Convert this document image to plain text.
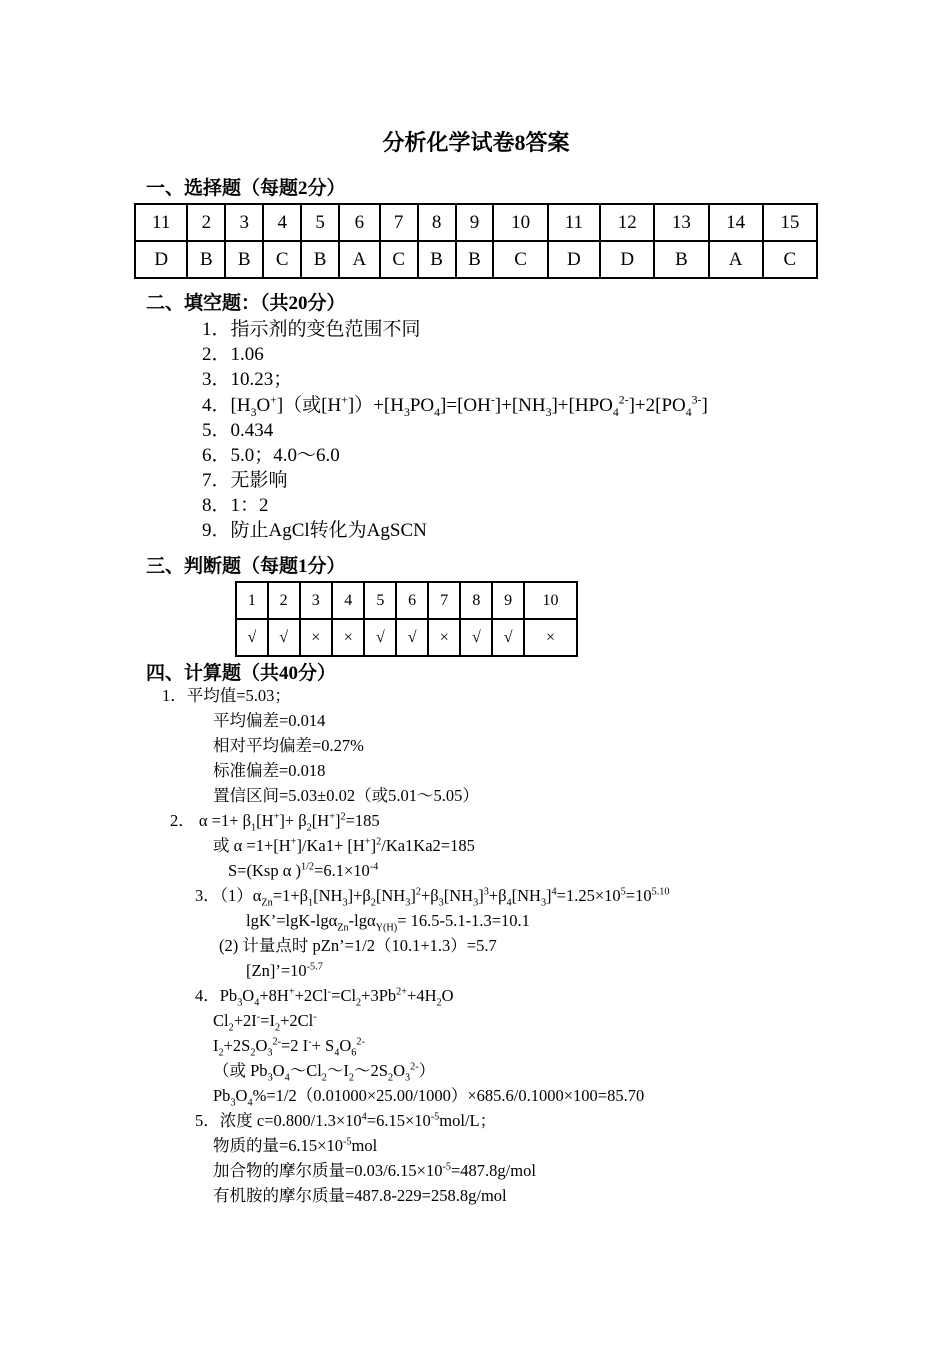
分析化学试卷8答案
一、选择题（每题2分）
11	2	3	4	5	6	7	8	9	10	11	12	13	14	15
D	B	B	C	B	A	C	B	B	C	D	D	B	A	C
二、填空题：（共20分）
1．指示剂的变色范围不同
2．1.06
3．10.23；
4．$[H_3O^+]$（或$[H^+])+[H_3PO_4]=[OH^-]+[NH_3]+[HPO_4^{2-}]+2[PO_4^{3-}]$
5．0.434
6．5.0；4.0～6.0
7．无影响
8．1：2
9．防止AgCl转化为AgSCN
三、判断题（每题1分）
1	2	3	4	5	6	7	8	9	10
√	√	×	×	√	√	×	√	√	×
四、计算题（共40分）
1．平均值=5.03；
平均偏差=0.014
相对平均偏差=0.27%
标准偏差=0.018
置信区间=5.03±0.02（或5.01～5.05）
2． $\alpha =1+ \beta_1[H^+]+ \beta_2[H^+]^2=185$
或 $\alpha =1+[H^+]/Ka1+ [H^+]^2/Ka1Ka2=185$
S=(Ksp α )$^{1/2}=6.1\times 10^{-4}$
3．$(1)\alpha_{Zn}=1+\beta_1[NH_3]+\beta_2[NH_3]^2+\beta_3[NH_3]^3+\beta_4[NH_3]^4=1.25\times 10^5=10^{5.10}$
lgK’=lgK-lgα$_{Zn}$-lgα$_{Y(H)}$= 16.5-5.1-1.3=10.1
(2) 计量点时 pZn’=1/2（10.1+1.3）=5.7
$[Zn]’=10^{-5.7}$
4．$Pb_3O_4+8H^++2Cl^-=Cl_2+3Pb^{2+}+4H_2O$
$Cl_2+2I^-=I_2+2Cl^-$
$I_2+2S_2O_3^{2-}=2$ $I^-+ S_4O_6^{2-}$
（或 $Pb_3O_4\sim Cl_2\sim I_2\sim 2S_2O_3^{2-}$）
$Pb_3O_4\%=1/2(0.01000\times 25.00/1000)\times 685.6/0.1000\times 100=85.70$
5．浓度 $c=0.800/1.3\times 10^4=6.15\times 10^{-5}mol/L$；
物质的量$=6.15\times 10^{-5}mol$
加合物的摩尔质量$=0.03/6.15\times 10^{-5}=487.8g$/mol
有机胺的摩尔质量=487.8-229=258.8g/mol
